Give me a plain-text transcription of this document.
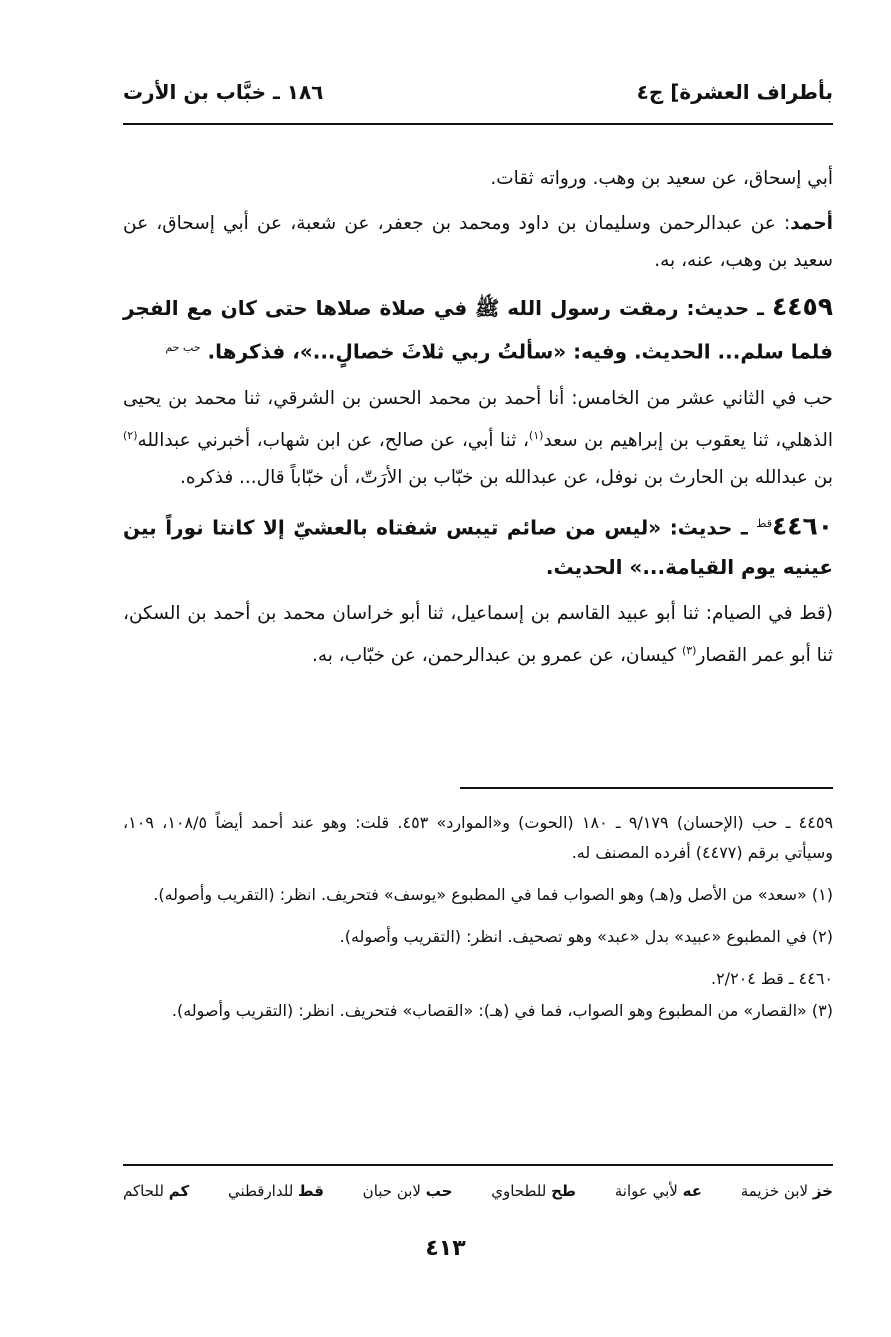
بأطراف العشرة] ج٤
١٨٦ ـ خبَّاب بن الأرت

أبي إسحاق، عن سعيد بن وهب. ورواته ثقات.

أحمد: عن عبدالرحمن وسليمان بن داود ومحمد بن جعفر، عن شعبة، عن أبي إسحاق، عن سعيد بن وهب، عنه، به.

٤٤٥٩ ـ حديث: رمقت رسول الله ﷺ في صلاة صلاها حتى كان مع الفجر فلما سلم... الحديث. وفيه: «سألتُ ربي ثلاثَ خصالٍ...»، فذكرها. $^{حب حم}$

حب في الثاني عشر من الخامس: أنا أحمد بن محمد الحسن بن الشرقي، ثنا محمد بن يحيى الذهلي، ثنا يعقوب بن إبراهيم بن سعد$^{(١)}$، ثنا أبي، عن صالح، عن ابن شهاب، أخبرني عبدالله$^{(٢)}$ بن عبدالله بن الحارث بن نوفل، عن عبدالله بن خبّاب بن الأرَتّ، أن خبّاباً قال... فذكره.

$٤٤٦٠^{قط}$ ـ حديث: «ليس من صائم تيبس شفتاه بالعشيّ إلا كانتا نوراً بين عينيه يوم القيامة...» الحديث.

(قط في الصيام: ثنا أبو عبيد القاسم بن إسماعيل، ثنا أبو خراسان محمد بن أحمد بن السكن، ثنا أبو عمر القصار$^{(٣)}$ كيسان، عن عمرو بن عبدالرحمن، عن خبّاب، به.

٤٤٥٩ ـ حب (الإحسان) ٩/١٧٩ ـ ١٨٠ (الحوت) و«الموارد» ٤٥٣. قلت: وهو عند أحمد أيضاً ١٠٨/٥، ١٠٩، وسيأتي برقم (٤٤٧٧) أفرده المصنف له.

(١) «سعد» من الأصل و(هـ) وهو الصواب فما في المطبوع «يوسف» فتحريف. انظر: (التقريب وأصوله).

(٢) في المطبوع «عبيد» بدل «عبد» وهو تصحيف. انظر: (التقريب وأصوله).

٤٤٦٠ ـ قط ٢/٢٠٤.

(٣) «القصار» من المطبوع وهو الصواب، فما في (هـ): «القصاب» فتحريف. انظر: (التقريب وأصوله).

خز لابن خزيمة
عه لأبي عوانة
طح للطحاوي
حب لابن حبان
قط للدارقطني
كم للحاكم
٤١٣
